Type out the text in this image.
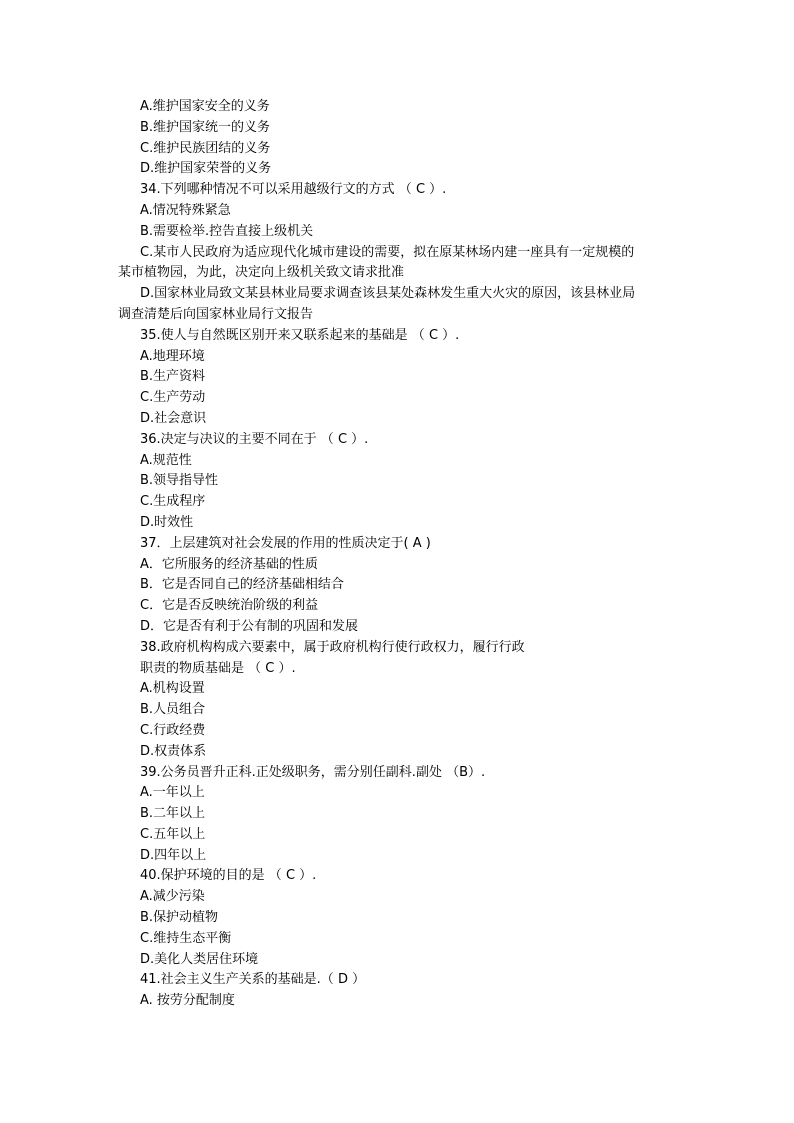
A.维护国家安全的义务
B.维护国家统一的义务
C.维护民族团结的义务
D.维护国家荣誉的义务
34.下列哪种情况不可以采用越级行文的方式 （ C ）.
A.情况特殊紧急
B.需要检举.控告直接上级机关
C.某市人民政府为适应现代化城市建设的需要，拟在原某林场内建一座具有一定规模的
某市植物园，为此，决定向上级机关致文请求批准
D.国家林业局致文某县林业局要求调查该县某处森林发生重大火灾的原因，该县林业局
调查清楚后向国家林业局行文报告
35.使人与自然既区别开来又联系起来的基础是 （ C ）.
A.地理环境
B.生产资料
C.生产劳动
D.社会意识
36.决定与决议的主要不同在于 （ C ）.
A.规范性
B.领导指导性
C.生成程序
D.时效性
37．上层建筑对社会发展的作用的性质决定于( A )
A．它所服务的经济基础的性质
B．它是否同自己的经济基础相结合
C．它是否反映统治阶级的利益
D．它是否有利于公有制的巩固和发展
38.政府机构构成六要素中，属于政府机构行使行政权力，履行行政
职责的物质基础是 （ C ）.
A.机构设置
B.人员组合
C.行政经费
D.权责体系
39.公务员晋升正科.正处级职务，需分别任副科.副处 （B）.
A.一年以上
B.二年以上
C.五年以上
D.四年以上
40.保护环境的目的是 （ C ）.
A.减少污染
B.保护动植物
C.维持生态平衡
D.美化人类居住环境
41.社会主义生产关系的基础是.（ D ）
A. 按劳分配制度
